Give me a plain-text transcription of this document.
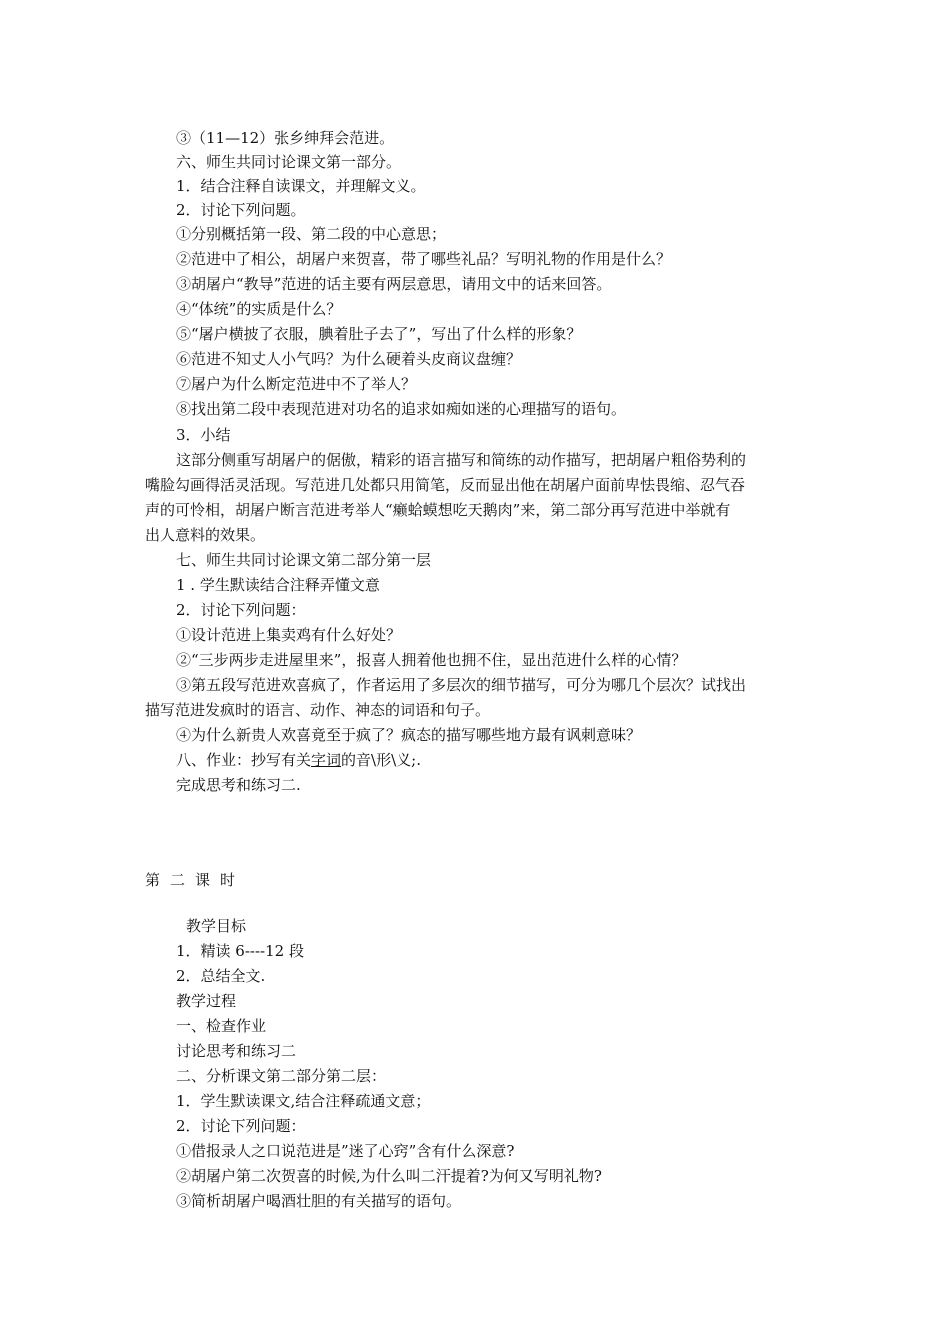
③（11—12）张乡绅拜会范进。
六、师生共同讨论课文第一部分。
1．结合注释自读课文，并理解文义。
2．讨论下列问题。
①分别概括第一段、第二段的中心意思；
②范进中了相公，胡屠户来贺喜，带了哪些礼品？写明礼物的作用是什么？
③胡屠户“教导”范进的话主要有两层意思，请用文中的话来回答。
④“体统”的实质是什么？
⑤“屠户横披了衣服，腆着肚子去了”，写出了什么样的形象？
⑥范进不知丈人小气吗？为什么硬着头皮商议盘缠？
⑦屠户为什么断定范进中不了举人？
⑧找出第二段中表现范进对功名的追求如痴如迷的心理描写的语句。
3．小结
这部分侧重写胡屠户的倨傲，精彩的语言描写和简练的动作描写，把胡屠户粗俗势利的
嘴脸勾画得活灵活现。写范进几处都只用简笔，反而显出他在胡屠户面前卑怯畏缩、忍气吞
声的可怜相，胡屠户断言范进考举人“癞蛤蟆想吃天鹅肉”来，第二部分再写范进中举就有
出人意料的效果。
七、师生共同讨论课文第二部分第一层
1 . 学生默读结合注释弄懂文意
2．讨论下列问题：
①设计范进上集卖鸡有什么好处？
②“三步两步走进屋里来”，报喜人拥着他也拥不住，显出范进什么样的心情？
③第五段写范进欢喜疯了，作者运用了多层次的细节描写，可分为哪几个层次？试找出
描写范进发疯时的语言、动作、神态的词语和句子。
④为什么新贵人欢喜竟至于疯了？疯态的描写哪些地方最有讽刺意味？
八、作业：抄写有关字词的音\形\义;.
完成思考和练习二.
第二课时
教学目标
1．精读 6----12 段
2．总结全文.
教学过程
一、检查作业
讨论思考和练习二
二、分析课文第二部分第二层：
1．学生默读课文,结合注释疏通文意；
2．讨论下列问题：
①借报录人之口说范进是”迷了心窍”含有什么深意?
②胡屠户第二次贺喜的时候,为什么叫二汗提着?为何又写明礼物?
③简析胡屠户喝酒壮胆的有关描写的语句。
